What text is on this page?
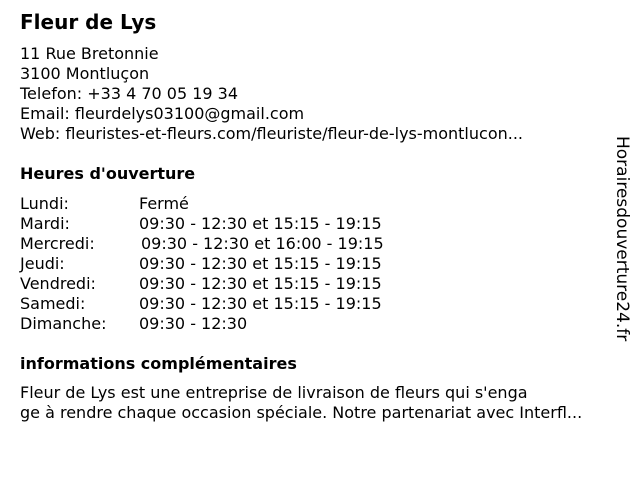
Fleur de Lys
11 Rue Bretonnie
3100 Montluçon
Telefon: +33 4 70 05 19 34
Email: fleurdelys03100@gmail.com
Web: fleuristes-et-fleurs.com/fleuriste/fleur-de-lys-montlucon...
Heures d'ouverture
Lundi:	Fermé
Mardi:	09:30 - 12:30 et 15:15 - 19:15
Mercredi:	09:30 - 12:30 et 16:00 - 19:15
Jeudi:	09:30 - 12:30 et 15:15 - 19:15
Vendredi:	09:30 - 12:30 et 15:15 - 19:15
Samedi:	09:30 - 12:30 et 15:15 - 19:15
Dimanche: 09:30 - 12:30
informations complémentaires
Fleur de Lys est une entreprise de livraison de fleurs qui s'enga
ge à rendre chaque occasion spéciale. Notre partenariat avec Interfl...
Horairesdouverture24.fr
